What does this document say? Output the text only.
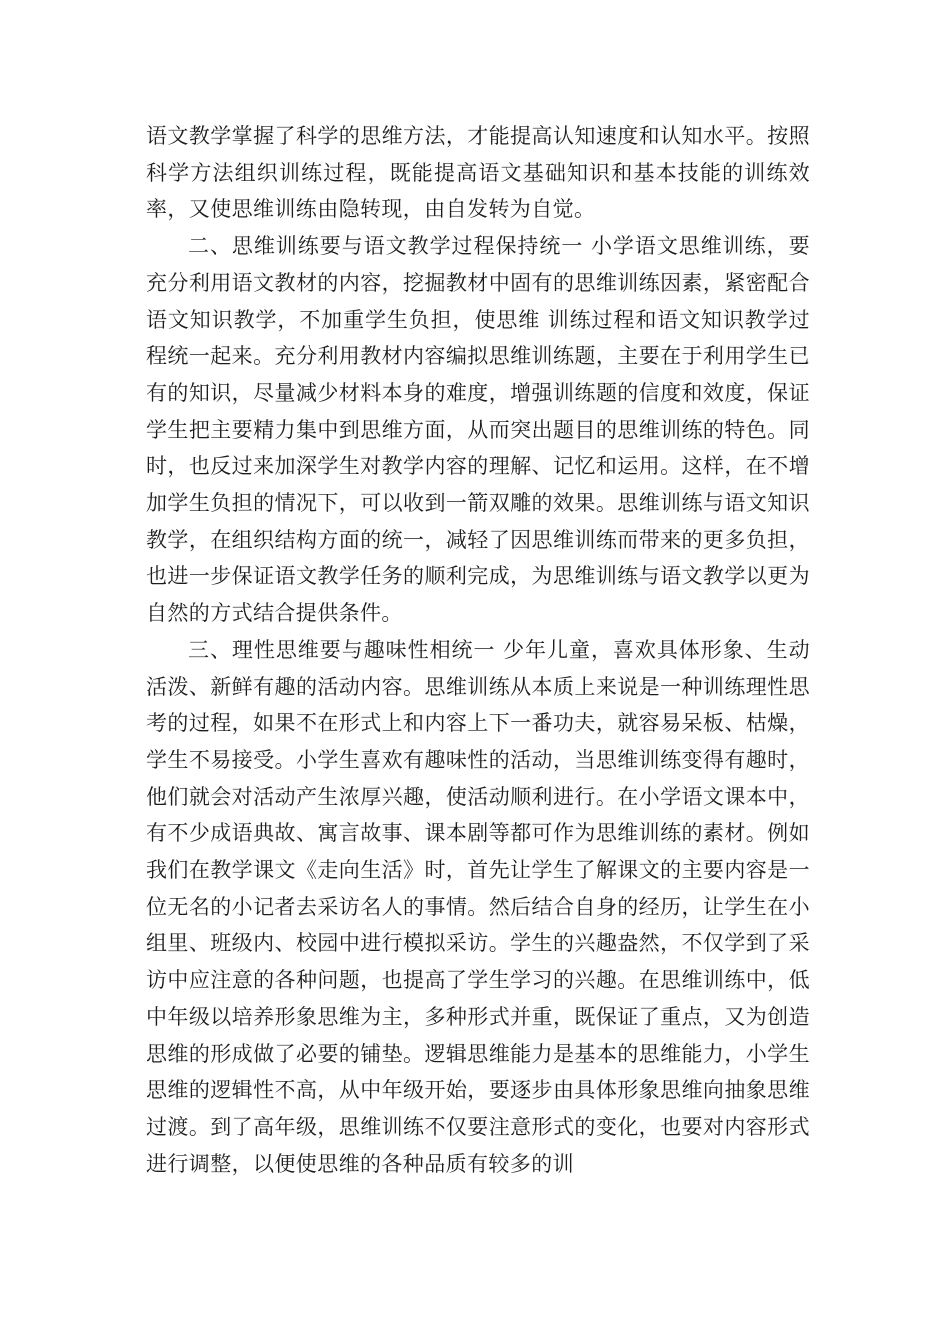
语文教学掌握了科学的思维方法，才能提高认知速度和认知水平。按照科学方法组织训练过程，既能提高语文基础知识和基本技能的训练效率，又使思维训练由隐转现，由自发转为自觉。

二、思维训练要与语文教学过程保持统一 小学语文思维训练，要充分利用语文教材的内容，挖掘教材中固有的思维训练因素，紧密配合语文知识教学，不加重学生负担，使思维 训练过程和语文知识教学过程统一起来。充分利用教材内容编拟思维训练题，主要在于利用学生已有的知识，尽量减少材料本身的难度，增强训练题的信度和效度，保证学生把主要精力集中到思维方面，从而突出题目的思维训练的特色。同时，也反过来加深学生对教学内容的理解、记忆和运用。这样，在不增加学生负担的情况下，可以收到一箭双雕的效果。思维训练与语文知识教学，在组织结构方面的统一，减轻了因思维训练而带来的更多负担，也进一步保证语文教学任务的顺利完成，为思维训练与语文教学以更为自然的方式结合提供条件。

三、理性思维要与趣味性相统一 少年儿童，喜欢具体形象、生动活泼、新鲜有趣的活动内容。思维训练从本质上来说是一种训练理性思考的过程，如果不在形式上和内容上下一番功夫，就容易呆板、枯燥，学生不易接受。小学生喜欢有趣味性的活动，当思维训练变得有趣时，他们就会对活动产生浓厚兴趣，使活动顺利进行。在小学语文课本中，有不少成语典故、寓言故事、课本剧等都可作为思维训练的素材。例如我们在教学课文《走向生活》时，首先让学生了解课文的主要内容是一位无名的小记者去采访名人的事情。然后结合自身的经历，让学生在小组里、班级内、校园中进行模拟采访。学生的兴趣盎然，不仅学到了采访中应注意的各种问题，也提高了学生学习的兴趣。在思维训练中，低中年级以培养形象思维为主，多种形式并重，既保证了重点，又为创造思维的形成做了必要的铺垫。逻辑思维能力是基本的思维能力，小学生思维的逻辑性不高，从中年级开始，要逐步由具体形象思维向抽象思维过渡。到了高年级，思维训练不仅要注意形式的变化，也要对内容形式进行调整，以便使思维的各种品质有较多的训
